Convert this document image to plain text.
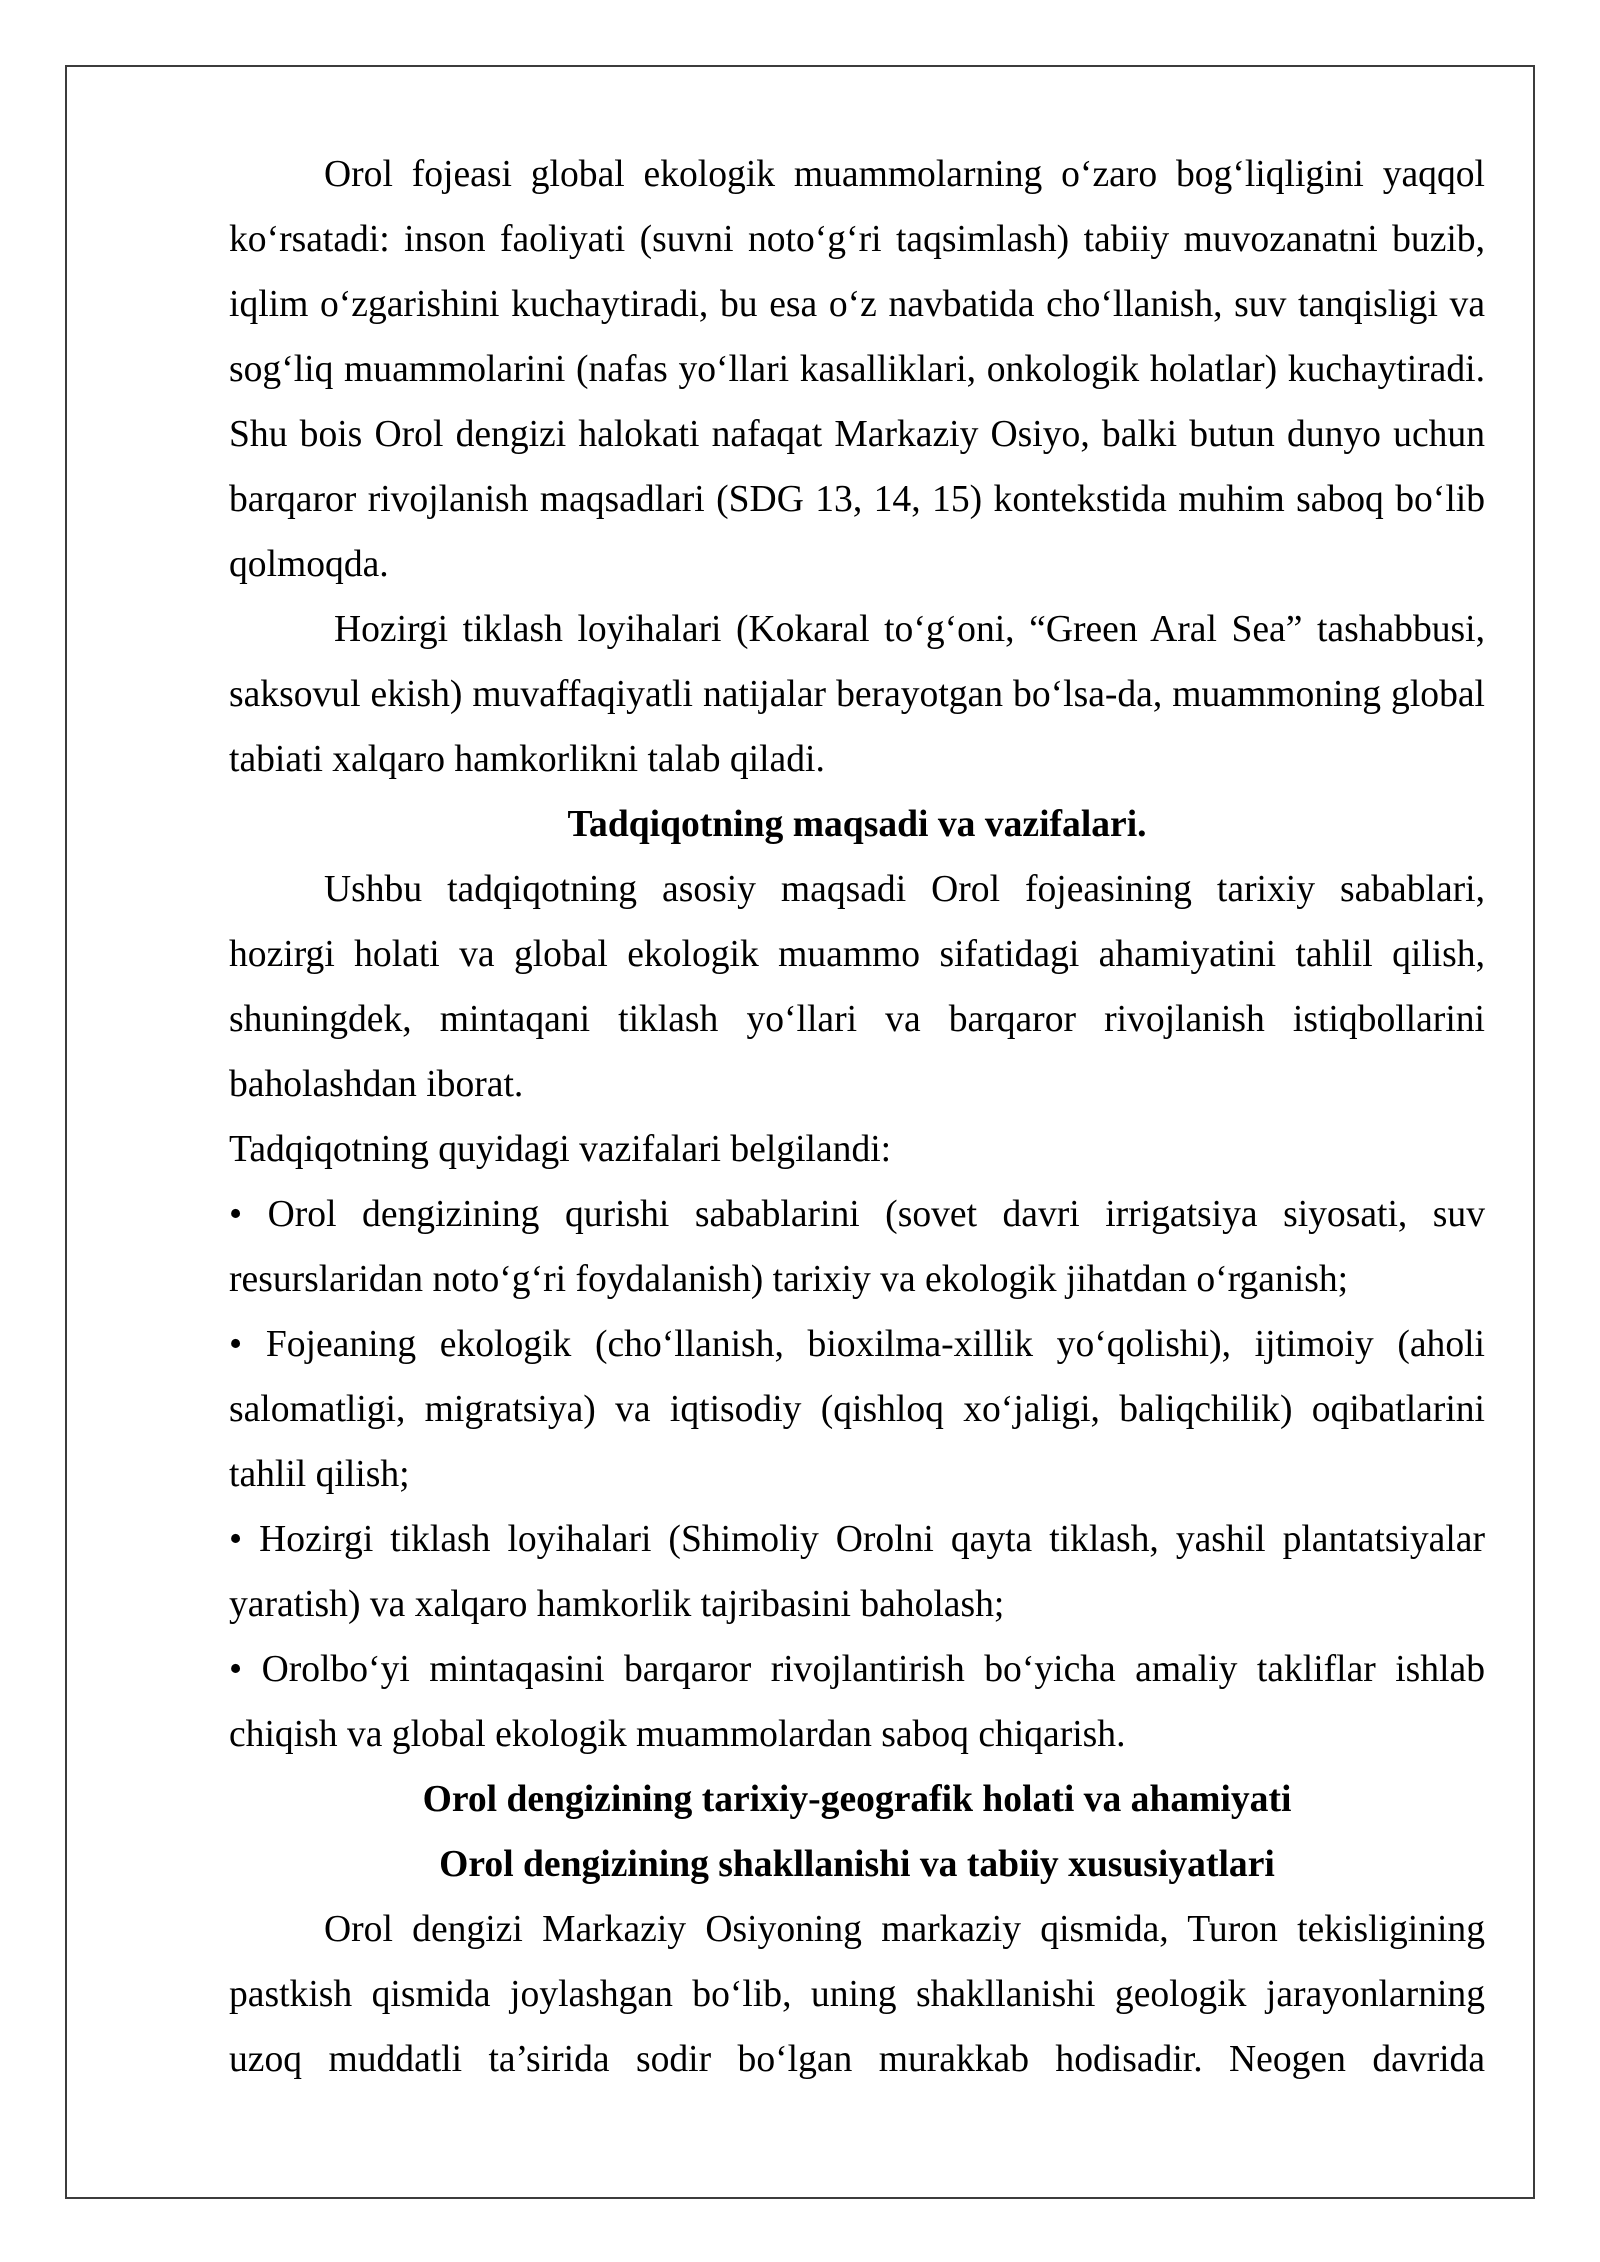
Orol fojeasi global ekologik muammolarning o‘zaro bog‘liqligini yaqqol
ko‘rsatadi: inson faoliyati (suvni noto‘g‘ri taqsimlash) tabiiy muvozanatni buzib,
iqlim o‘zgarishini kuchaytiradi, bu esa o‘z navbatida cho‘llanish, suv tanqisligi va
sog‘liq muammolarini (nafas yo‘llari kasalliklari, onkologik holatlar) kuchaytiradi.
Shu bois Orol dengizi halokati nafaqat Markaziy Osiyo, balki butun dunyo uchun
barqaror rivojlanish maqsadlari (SDG 13, 14, 15) kontekstida muhim saboq bo‘lib
qolmoqda.
Hozirgi tiklash loyihalari (Kokaral to‘g‘oni, “Green Aral Sea” tashabbusi,
saksovul ekish) muvaffaqiyatli natijalar berayotgan bo‘lsa-da, muammoning global
tabiati xalqaro hamkorlikni talab qiladi.
Tadqiqotning maqsadi va vazifalari.
Ushbu tadqiqotning asosiy maqsadi Orol fojeasining tarixiy sabablari,
hozirgi holati va global ekologik muammo sifatidagi ahamiyatini tahlil qilish,
shuningdek, mintaqani tiklash yo‘llari va barqaror rivojlanish istiqbollarini
baholashdan iborat.
Tadqiqotning quyidagi vazifalari belgilandi:
• Orol dengizining qurishi sabablarini (sovet davri irrigatsiya siyosati, suv
resurslaridan noto‘g‘ri foydalanish) tarixiy va ekologik jihatdan o‘rganish;
• Fojeaning ekologik (cho‘llanish, bioxilma-xillik yo‘qolishi), ijtimoiy (aholi
salomatligi, migratsiya) va iqtisodiy (qishloq xo‘jaligi, baliqchilik) oqibatlarini
tahlil qilish;
• Hozirgi tiklash loyihalari (Shimoliy Orolni qayta tiklash, yashil plantatsiyalar
yaratish) va xalqaro hamkorlik tajribasini baholash;
• Orolbo‘yi mintaqasini barqaror rivojlantirish bo‘yicha amaliy takliflar ishlab
chiqish va global ekologik muammolardan saboq chiqarish.
Orol dengizining tarixiy-geografik holati va ahamiyati
Orol dengizining shakllanishi va tabiiy xususiyatlari
Orol dengizi Markaziy Osiyoning markaziy qismida, Turon tekisligining
pastkish qismida joylashgan bo‘lib, uning shakllanishi geologik jarayonlarning
uzoq muddatli ta’sirida sodir bo‘lgan murakkab hodisadir. Neogen davrida
